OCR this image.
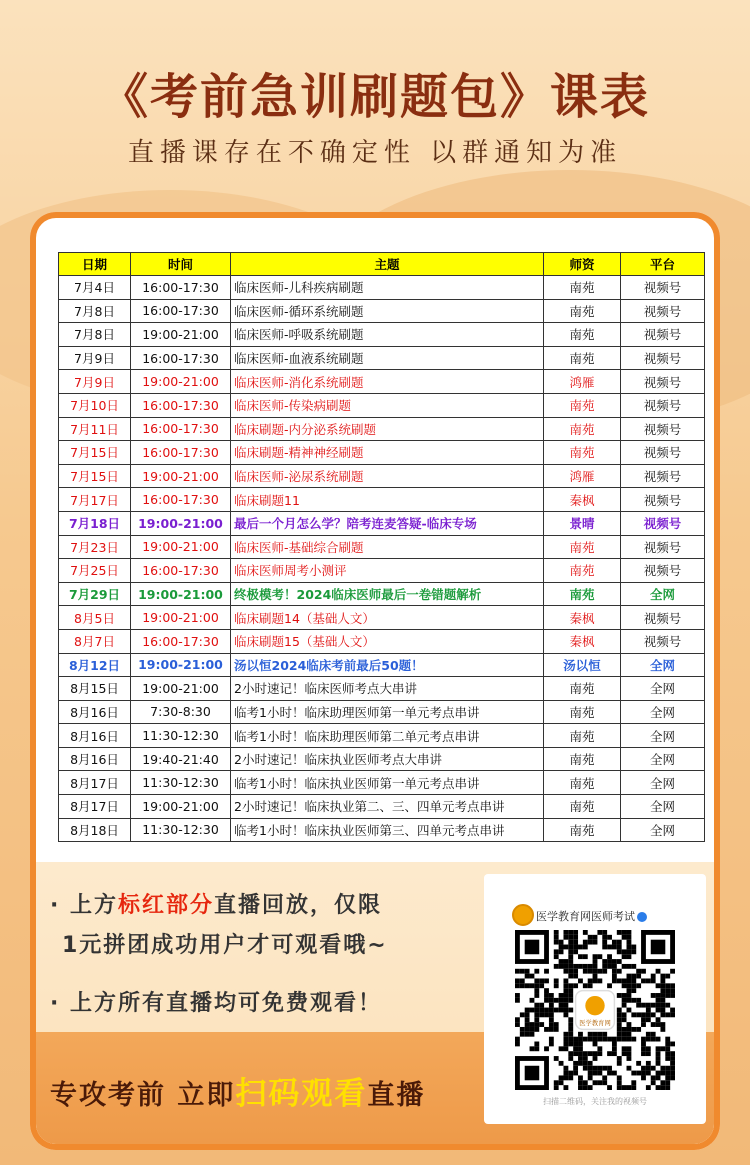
《考前急训刷题包》课表
直播课存在不确定性 以群通知为准
日期	时间	主题	师资	平台
7月4日	16:00-17:30	临床医师-儿科疾病刷题	南苑	视频号
7月8日	16:00-17:30	临床医师-循环系统刷题	南苑	视频号
7月8日	19:00-21:00	临床医师-呼吸系统刷题	南苑	视频号
7月9日	16:00-17:30	临床医师-血液系统刷题	南苑	视频号
7月9日	19:00-21:00	临床医师-消化系统刷题	鸿雁	视频号
7月10日	16:00-17:30	临床医师-传染病刷题	南苑	视频号
7月11日	16:00-17:30	临床刷题-内分泌系统刷题	南苑	视频号
7月15日	16:00-17:30	临床刷题-精神神经刷题	南苑	视频号
7月15日	19:00-21:00	临床医师-泌尿系统刷题	鸿雁	视频号
7月17日	16:00-17:30	临床刷题11	秦枫	视频号
7月18日	19:00-21:00	最后一个月怎么学？陪考连麦答疑-临床专场	景晴	视频号
7月23日	19:00-21:00	临床医师-基础综合刷题	南苑	视频号
7月25日	16:00-17:30	临床医师周考小测评	南苑	视频号
7月29日	19:00-21:00	终极模考！2024临床医师最后一卷错题解析	南苑	全网
8月5日	19:00-21:00	临床刷题14（基础人文）	秦枫	视频号
8月7日	16:00-17:30	临床刷题15（基础人文）	秦枫	视频号
8月12日	19:00-21:00	汤以恒2024临床考前最后50题！	汤以恒	全网
8月15日	19:00-21:00	2小时速记！临床医师考点大串讲	南苑	全网
8月16日	7:30-8:30	临考1小时！临床助理医师第一单元考点串讲	南苑	全网
8月16日	11:30-12:30	临考1小时！临床助理医师第二单元考点串讲	南苑	全网
8月16日	19:40-21:40	2小时速记！临床执业医师考点大串讲	南苑	全网
8月17日	11:30-12:30	临考1小时！临床执业医师第一单元考点串讲	南苑	全网
8月17日	19:00-21:00	2小时速记！临床执业第二、三、四单元考点串讲	南苑	全网
8月18日	11:30-12:30	临考1小时！临床执业医师第三、四单元考点串讲	南苑	全网
· 上方标红部分直播回放，仅限
1元拼团成功用户才可观看哦~
· 上方所有直播均可免费观看！
专攻考前 立即扫码观看直播
医学教育网医师考试
医学教育网
扫描二维码，关注我的视频号
